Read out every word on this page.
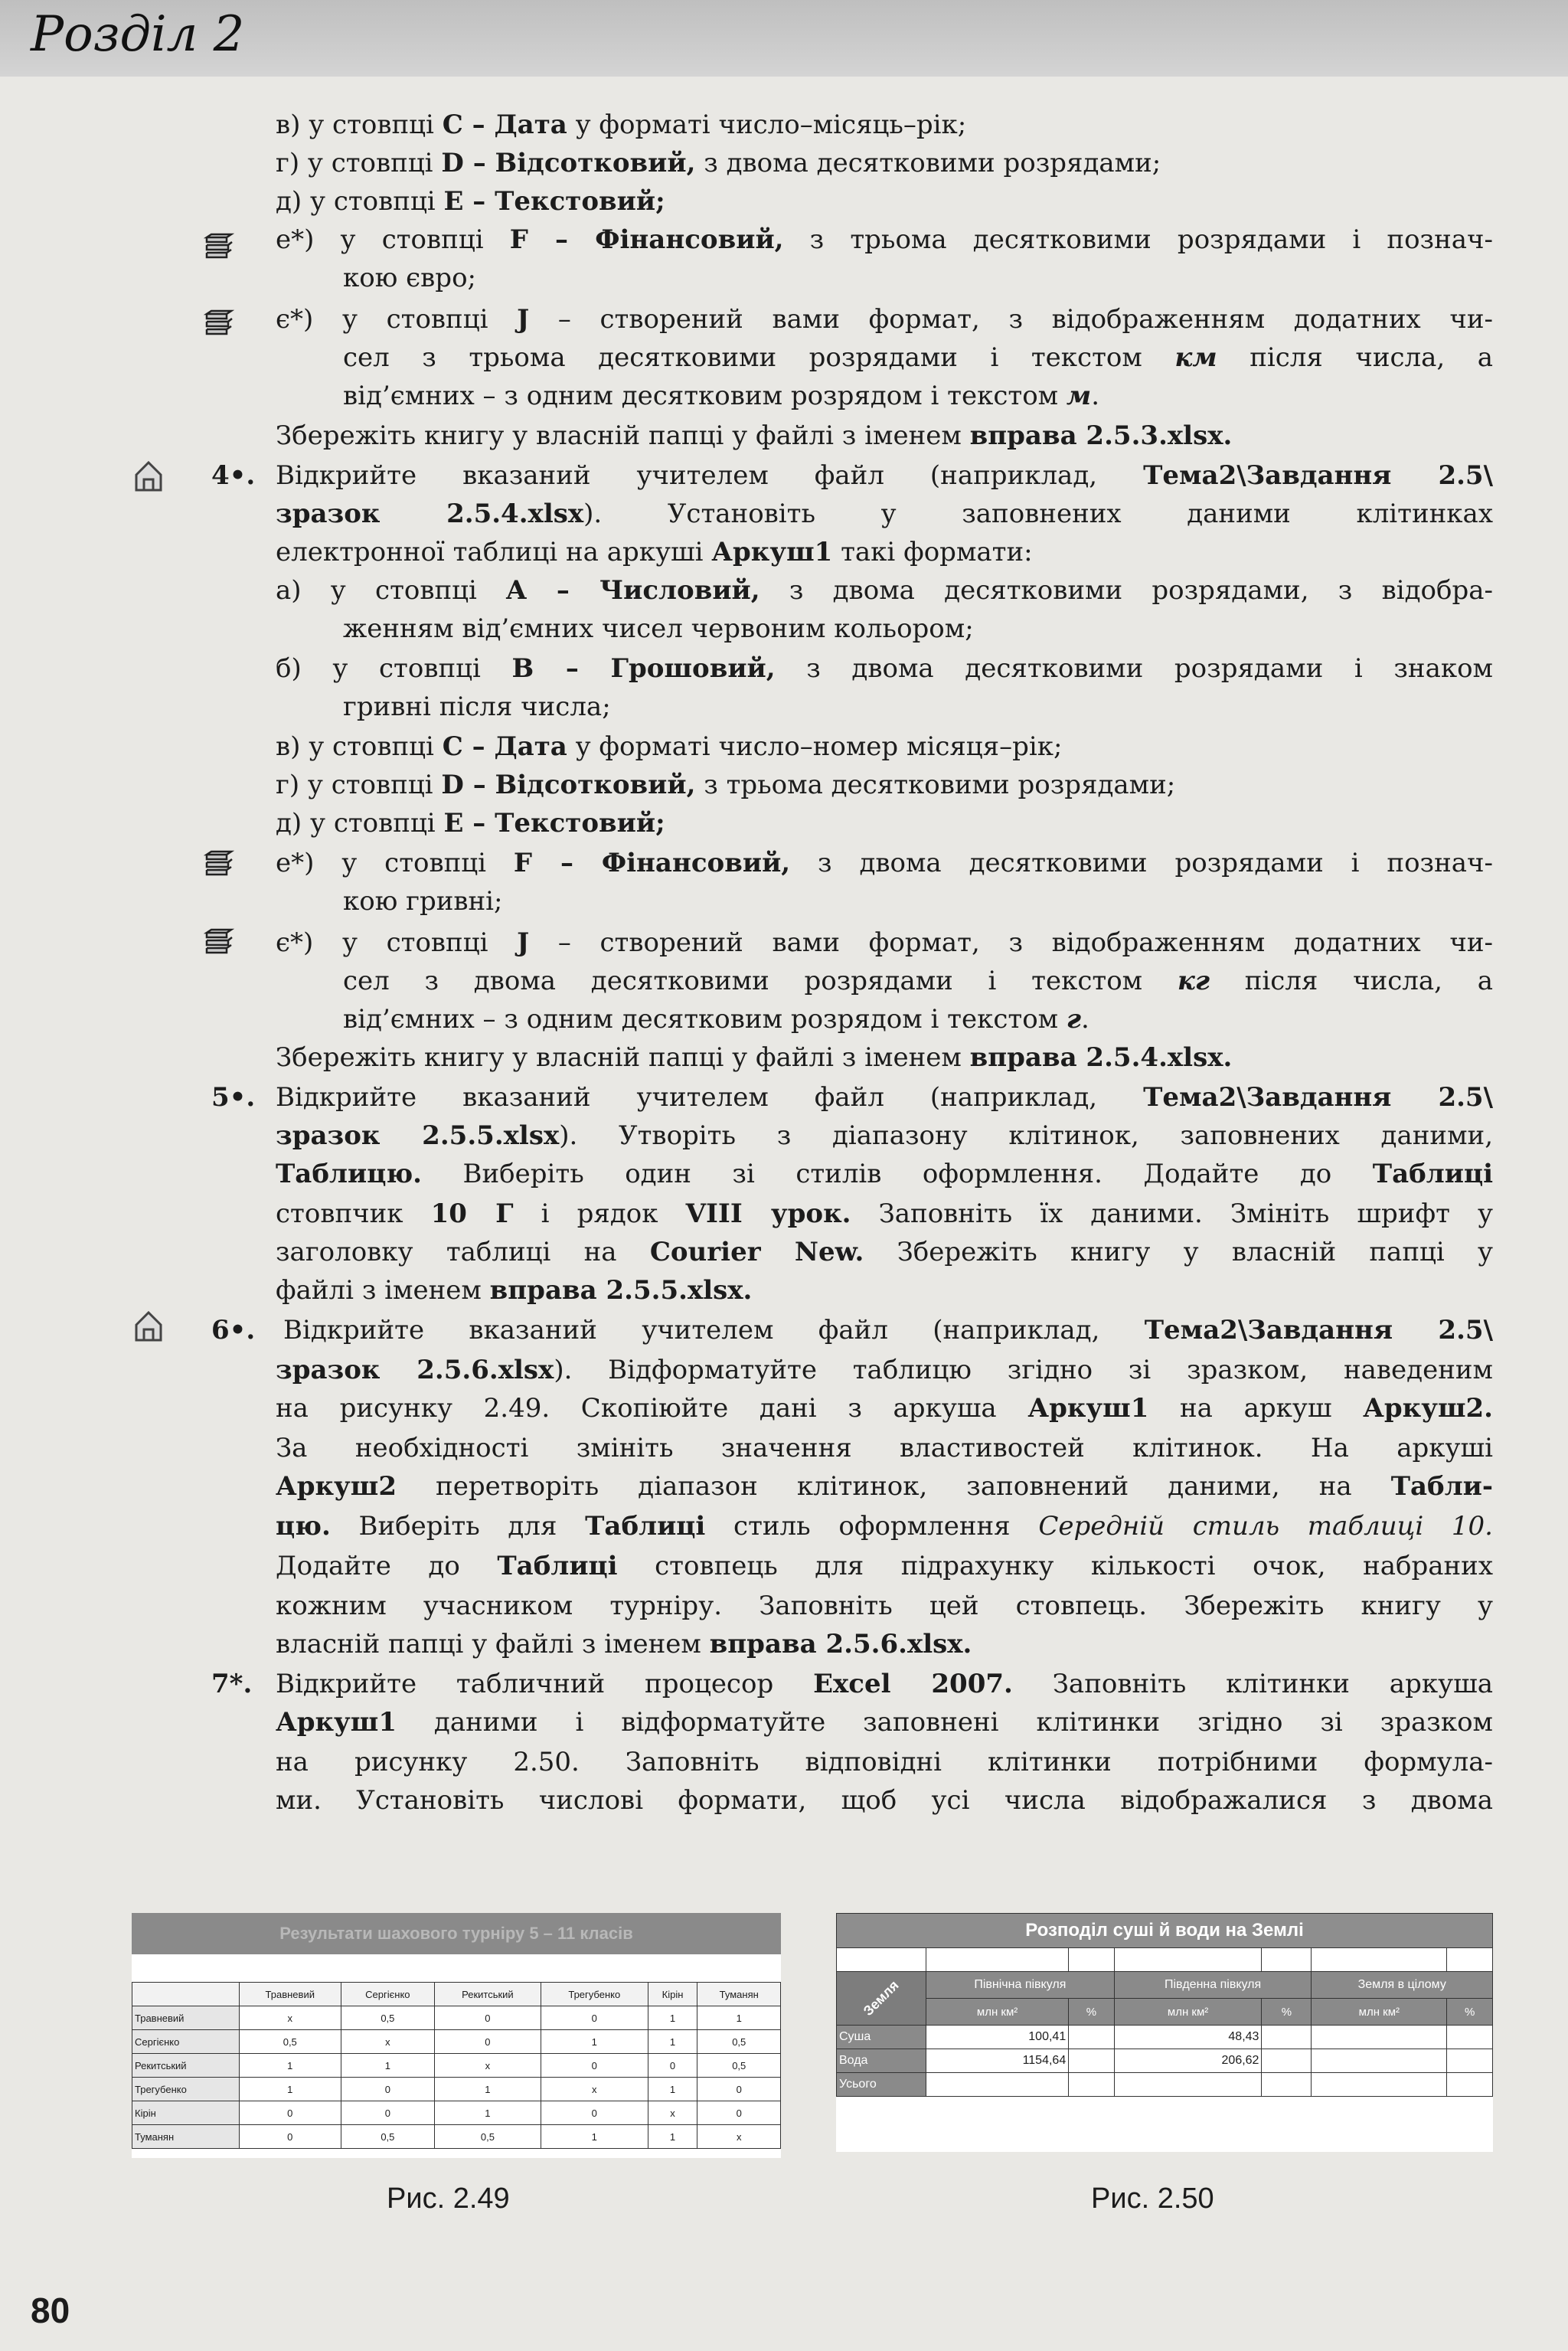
Розділ 2
в) у стовпці C – Дата у форматі число–місяць–рік;
г) у стовпці D – Відсотковий, з двома десятковими розрядами;
д) у стовпці E – Текстовий;
е*) у стовпці F – Фінансовий, з трьома десятковими розрядами і познач-
кою євро;
є*) у стовпці J – створений вами формат, з відображенням додатних чи-
сел з трьома десятковими розрядами і текстом км після числа, а
від’ємних – з одним десятковим розрядом і текстом м.
Збережіть книгу у власній папці у файлі з іменем вправа 2.5.3.xlsx.
4•. Відкрийте вказаний учителем файл (наприклад, Тема2\Завдання 2.5\
зразок 2.5.4.xlsx). Установіть у заповнених даними клітинках
електронної таблиці на аркуші Аркуш1 такі формати:
а) у стовпці A – Числовий, з двома десятковими розрядами, з відобра-
женням від’ємних чисел червоним кольором;
б) у стовпці B – Грошовий, з двома десятковими розрядами і знаком
гривні після числа;
в) у стовпці C – Дата у форматі число–номер місяця–рік;
г) у стовпці D – Відсотковий, з трьома десятковими розрядами;
д) у стовпці E – Текстовий;
е*) у стовпці F – Фінансовий, з двома десятковими розрядами і познач-
кою гривні;
є*) у стовпці J – створений вами формат, з відображенням додатних чи-
сел з двома десятковими розрядами і текстом кг після числа, а
від’ємних – з одним десятковим розрядом і текстом г.
Збережіть книгу у власній папці у файлі з іменем вправа 2.5.4.xlsx.
5•. Відкрийте вказаний учителем файл (наприклад, Тема2\Завдання 2.5\
зразок 2.5.5.xlsx). Утворіть з діапазону клітинок, заповнених даними,
Таблицю. Виберіть один зі стилів оформлення. Додайте до Таблиці
стовпчик 10 Г і рядок VIII урок. Заповніть їх даними. Змініть шрифт у
заголовку таблиці на Courier New. Збережіть книгу у власній папці у
файлі з іменем вправа 2.5.5.xlsx.
6•. Відкрийте вказаний учителем файл (наприклад, Тема2\Завдання 2.5\
зразок 2.5.6.xlsx). Відформатуйте таблицю згідно зі зразком, наведеним
на рисунку 2.49. Скопіюйте дані з аркуша Аркуш1 на аркуш Аркуш2.
За необхідності змініть значення властивостей клітинок. На аркуші
Аркуш2 перетворіть діапазон клітинок, заповнений даними, на Табли-
цю. Виберіть для Таблиці стиль оформлення Середній стиль таблиці 10.
Додайте до Таблиці стовпець для підрахунку кількості очок, набраних
кожним учасником турніру. Заповніть цей стовпець. Збережіть книгу у
власній папці у файлі з іменем вправа 2.5.6.xlsx.
7*. Відкрийте табличний процесор Excel 2007. Заповніть клітинки аркуша
Аркуш1 даними і відформатуйте заповнені клітинки згідно зі зразком
на рисунку 2.50. Заповніть відповідні клітинки потрібними формула-
ми. Установіть числові формати, щоб усі числа відображалися з двома
Результати шахового турніру 5 – 11 класів
	Травневий	Сергієнко	Рекитський	Трегубенко	Кірін	Туманян
Травневий	x	0,5	0	0	1	1
Сергієнко	0,5	x	0	1	1	0,5
Рекитський	1	1	x	0	0	0,5
Трегубенко	1	0	1	x	1	0
Кірін	0	0	1	0	x	0
Туманян	0	0,5	0,5	1	1	x
Рис. 2.49
Розподіл суші й води на Землі						

Земля	Північна півкуля		Південна півкуля		Земля в цілому	
	млн км²	%	млн км²	%	млн км²	%
Суша	100,41		48,43			
Вода	1154,64		206,62			
Усього						
Рис. 2.50
80
